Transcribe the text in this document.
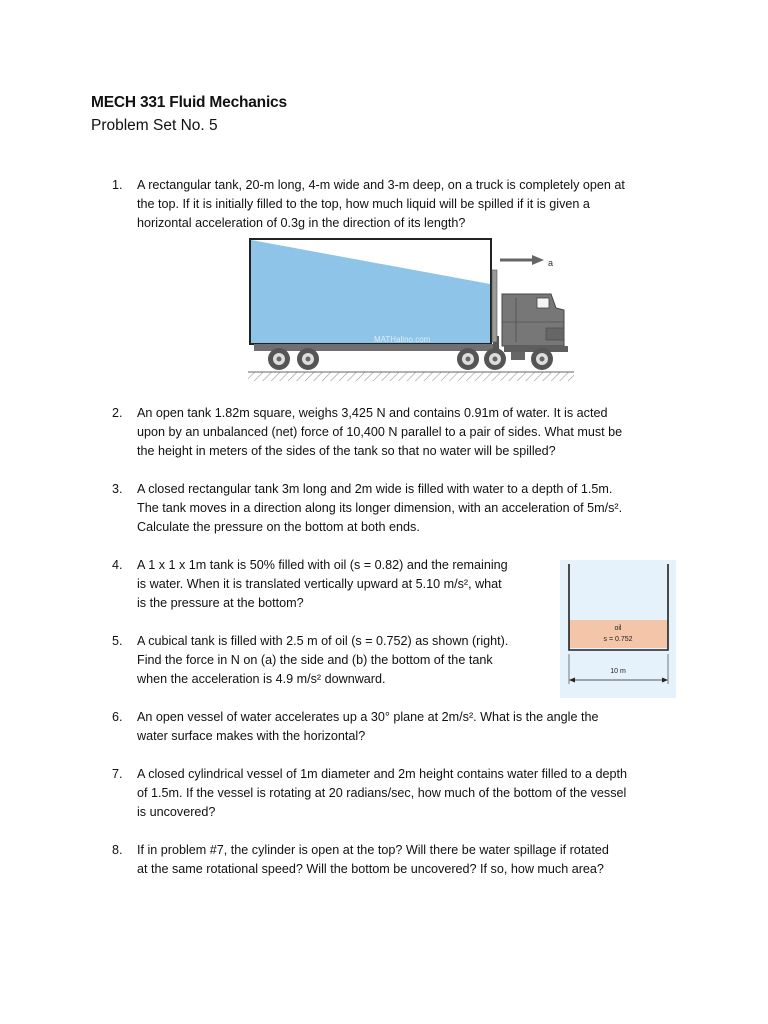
MECH 331 Fluid Mechanics
Problem Set No. 5
1.	A rectangular tank, 20-m long, 4-m wide and 3-m deep, on a truck is completely open at

the top. If it is initially filled to the top, how much liquid will be spilled if it is given a

horizontal acceleration of 0.3g in the direction of its length?

MATHalino.com
a
2.	An open tank 1.82m square, weighs 3,425 N and contains 0.91m of water. It is acted

upon by an unbalanced (net) force of 10,400 N parallel to a pair of sides. What must be

the height in meters of the sides of the tank so that no water will be spilled?

3.	A closed rectangular tank 3m long and 2m wide is filled with water to a depth of 1.5m.

The tank moves in a direction along its longer dimension, with an acceleration of 5m/s².

Calculate the pressure on the bottom at both ends.

4.	A 1 x 1 x 1m tank is 50% filled with oil (s = 0.82) and the remaining

is water. When it is translated vertically upward at 5.10 m/s², what

is the pressure at the bottom?

5.	A cubical tank is filled with 2.5 m of oil (s = 0.752) as shown (right).

Find the force in N on (a) the side and (b) the bottom of the tank

when the acceleration is 4.9 m/s² downward.

oil
s = 0.752
10 m
6.	An open vessel of water accelerates up a 30° plane at 2m/s². What is the angle the

water surface makes with the horizontal?

7.	A closed cylindrical vessel of 1m diameter and 2m height contains water filled to a depth

of 1.5m. If the vessel is rotating at 20 radians/sec, how much of the bottom of the vessel

is uncovered?

8.	If in problem #7, the cylinder is open at the top? Will there be water spillage if rotated

at the same rotational speed? Will the bottom be uncovered? If so, how much area?
